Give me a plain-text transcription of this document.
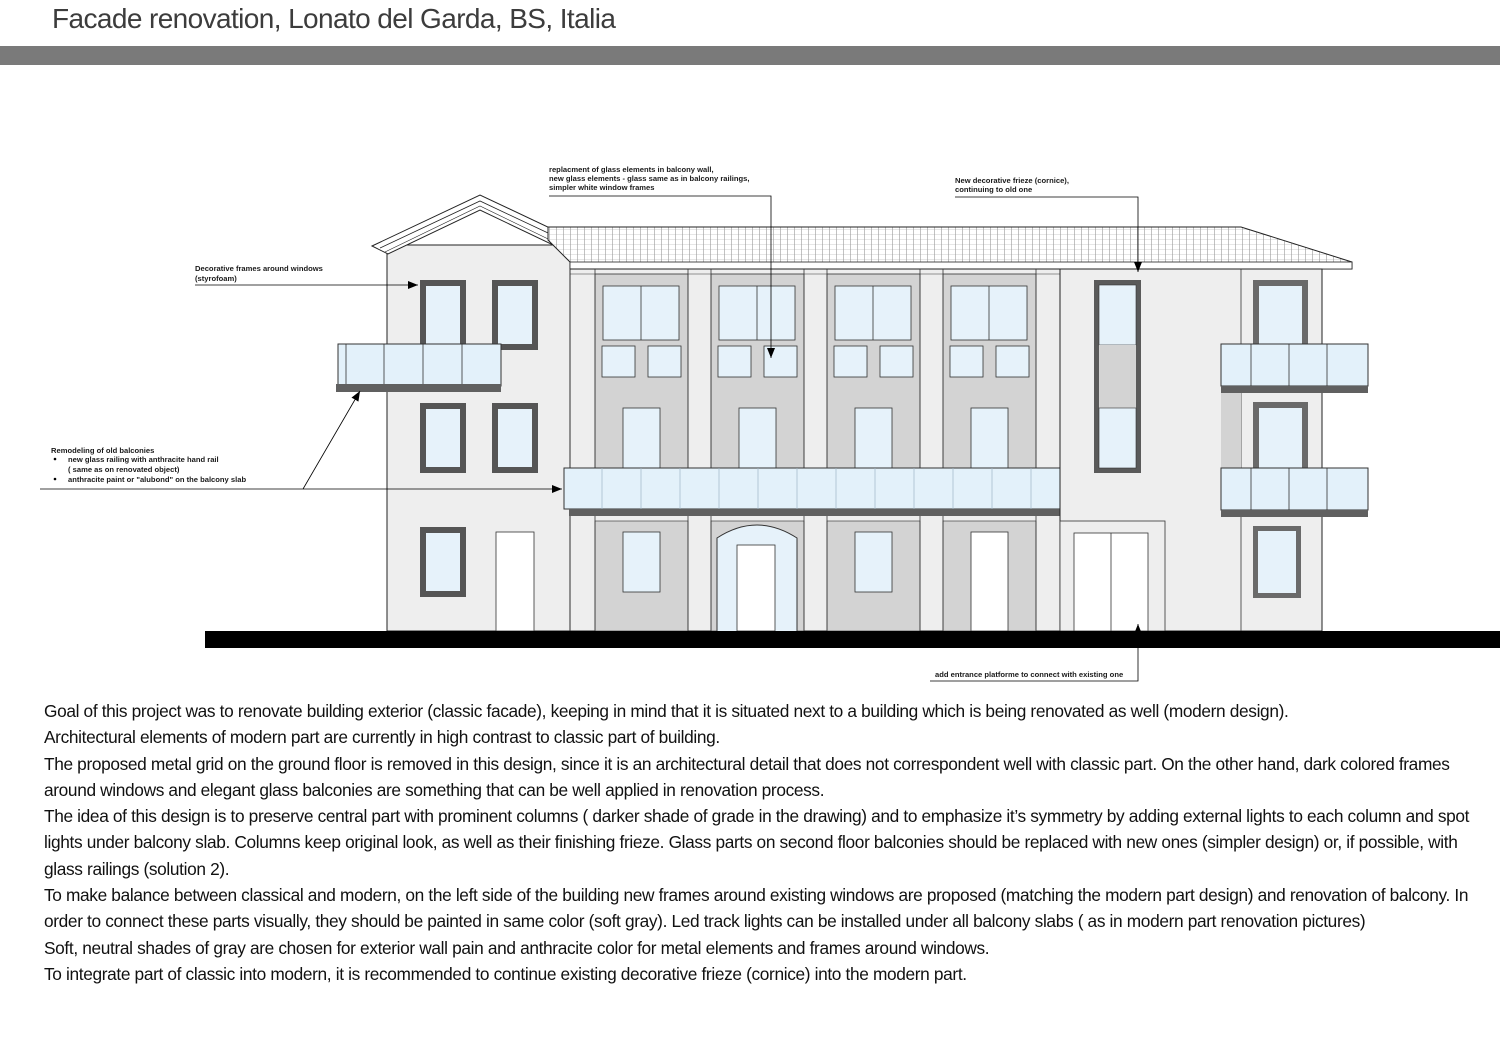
Facade renovation, Lonato del Garda, BS, Italia
replacment of glass elements in balcony wall,
new glass elements - glass same as in balcony railings,
simpler white window frames
New decorative frieze (cornice),
continuing to old one
Decorative frames around windows
(styrofoam)
Remodeling of old balconies
new glass railing with anthracite hand rail
( same as on renovated object)
anthracite paint or "alubond" on the balcony slab
add entrance platforme to connect with existing one

Goal of this project was to renovate building exterior (classic facade), keeping in mind that it is situated next to a building which is being renovated as well (modern design).

Architectural elements of modern part are currently in high contrast to classic part of building.

The proposed metal grid on the ground floor is removed in this design, since it is an architectural detail that does not correspondent well with classic part. On the other hand, dark colored frames around windows and elegant glass balconies are something that can be well applied in renovation process.

The idea of this design is to preserve central part with prominent columns ( darker shade of grade in the drawing) and to emphasize it’s symmetry by adding external lights to each column and spot lights under balcony slab. Columns keep original look, as well as their finishing frieze. Glass parts on second floor balconies should be replaced with new ones (simpler design) or, if possible, with glass railings (solution 2).

To make balance between classical and modern, on the left side of the building new frames around existing windows are proposed (matching the modern part design) and renovation of balcony. In order to connect these parts visually, they should be painted in same color (soft gray). Led track lights can be installed under all balcony slabs ( as in modern part renovation pictures)

Soft, neutral shades of gray are chosen for exterior wall pain and anthracite color for metal elements and frames around windows.

To integrate part of classic into modern, it is recommended to continue existing decorative frieze (cornice) into the modern part.
